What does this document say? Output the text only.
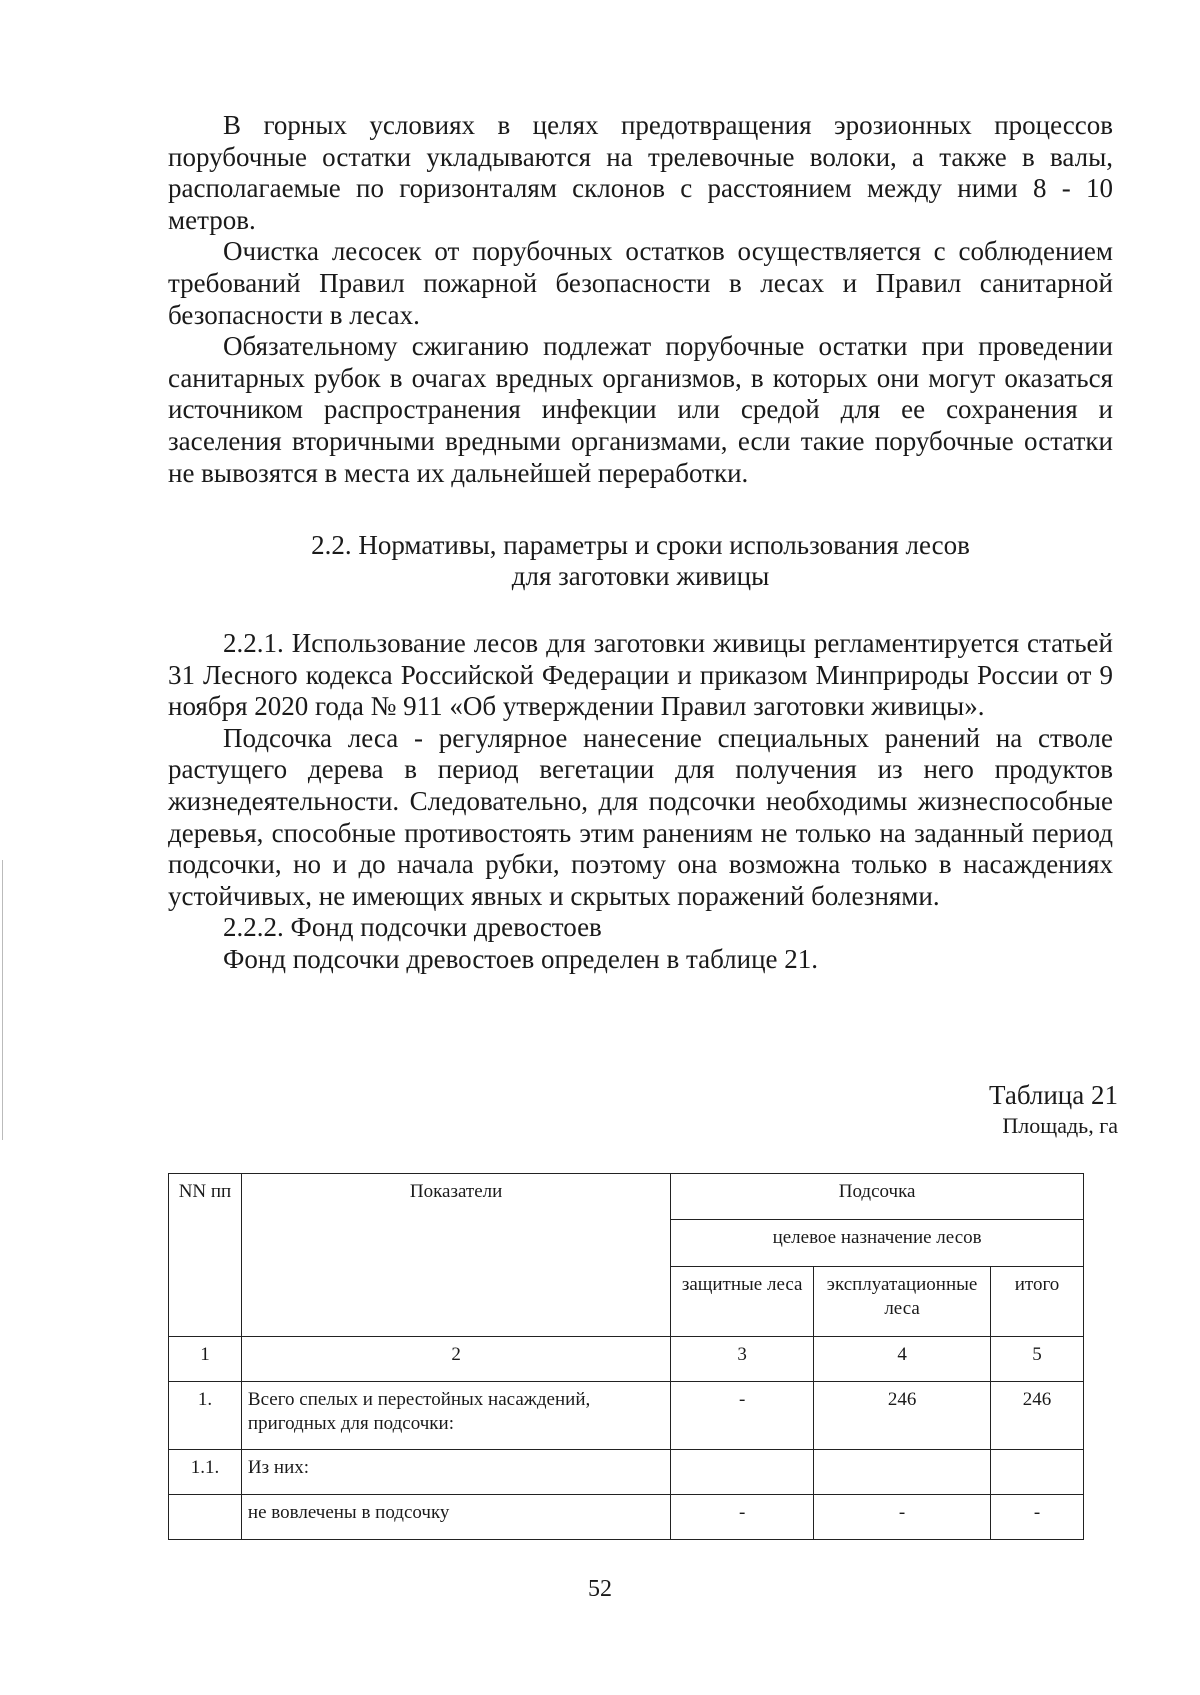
В горных условиях в целях предотвращения эрозионных процессов порубочные остатки укладываются на трелевочные волоки, а также в валы, располагаемые по горизонталям склонов с расстоянием между ними 8 - 10 метров.

Очистка лесосек от порубочных остатков осуществляется с соблюдением требований Правил пожарной безопасности в лесах и Правил санитарной безопасности в лесах.

Обязательному сжиганию подлежат порубочные остатки при проведении санитарных рубок в очагах вредных организмов, в которых они могут оказаться источником распространения инфекции или средой для ее сохранения и заселения вторичными вредными организмами, если такие порубочные остатки не вывозятся в места их дальнейшей переработки.

2.2. Нормативы, параметры и сроки использования лесов
для заготовки живицы

2.2.1. Использование лесов для заготовки живицы регламентируется статьей 31 Лесного кодекса Российской Федерации и приказом Минприроды России от 9 ноября 2020 года № 911 «Об утверждении Правил заготовки живицы».

Подсочка леса - регулярное нанесение специальных ранений на стволе растущего дерева в период вегетации для получения из него продуктов жизнедеятельности. Следовательно, для подсочки необходимы жизнеспособные деревья, способные противостоять этим ранениям не только на заданный период подсочки, но и до начала рубки, поэтому она возможна только в насаждениях устойчивых, не имеющих явных и скрытых поражений болезнями.

2.2.2. Фонд подсочки древостоев

Фонд подсочки древостоев определен в таблице 21.

Таблица 21
Площадь, га
NN пп	Показатели	Подсочка		
		целевое назначение лесов		
		защитные леса	эксплуатационные леса	итого
1	2	3	4	5
1.	Всего спелых и перестойных насаждений, пригодных для подсочки:	-	246	246
1.1.	Из них:			
	не вовлечены в подсочку	-	-	-
52
